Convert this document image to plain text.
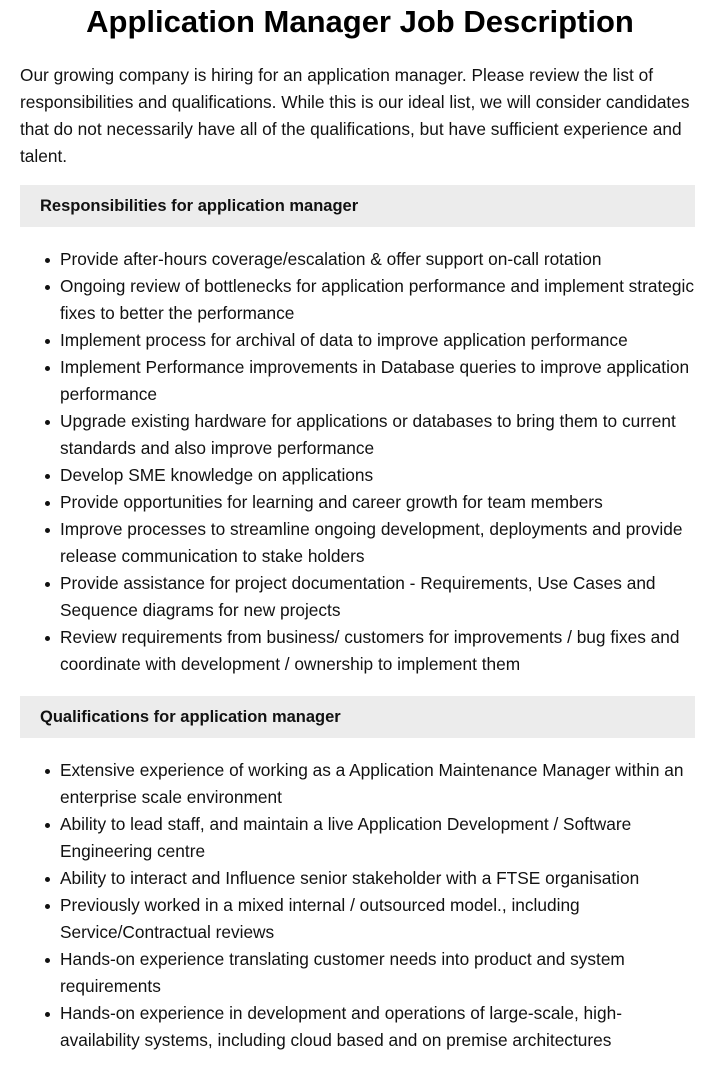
Application Manager Job Description

Our growing company is hiring for an application manager. Please review the list of responsibilities and qualifications. While this is our ideal list, we will consider candidates that do not necessarily have all of the qualifications, but have sufficient experience and talent.

Responsibilities for application manager
Provide after-hours coverage/escalation & offer support on-call rotation
Ongoing review of bottlenecks for application performance and implement strategic fixes to better the performance
Implement process for archival of data to improve application performance
Implement Performance improvements in Database queries to improve application performance
Upgrade existing hardware for applications or databases to bring them to current standards and also improve performance
Develop SME knowledge on applications
Provide opportunities for learning and career growth for team members
Improve processes to streamline ongoing development, deployments and provide release communication to stake holders
Provide assistance for project documentation - Requirements, Use Cases and Sequence diagrams for new projects
Review requirements from business/ customers for improvements / bug fixes and coordinate with development / ownership to implement them
Qualifications for application manager
Extensive experience of working as a Application Maintenance Manager within an enterprise scale environment
Ability to lead staff, and maintain a live Application Development / Software Engineering centre
Ability to interact and Influence senior stakeholder with a FTSE organisation
Previously worked in a mixed internal / outsourced model., including Service/Contractual reviews
Hands-on experience translating customer needs into product and system requirements
Hands-on experience in development and operations of large-scale, high-availability systems, including cloud based and on premise architectures
